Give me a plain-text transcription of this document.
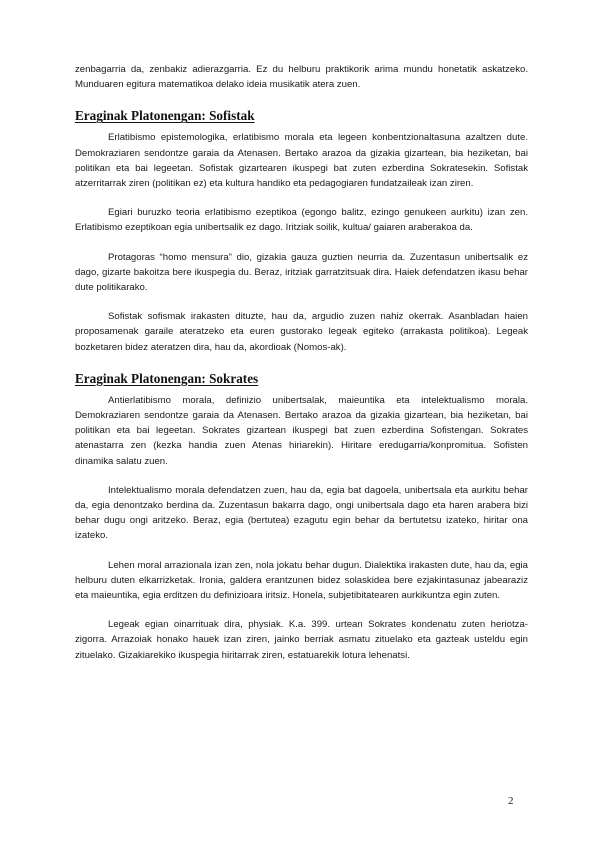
zenbagarria da, zenbakiz adierazgarria. Ez du helburu praktikorik arima mundu honetatik askatzeko. Munduaren egitura matematikoa delako ideia musikatik atera zuen.

Eraginak Platonengan: Sofistak

Erlatibismo epistemologika, erlatibismo morala eta legeen konbentzionaltasuna azaltzen dute. Demokraziaren sendontze garaia da Atenasen. Bertako arazoa da gizakia gizartean, bia heziketan, bai politikan eta bai legeetan. Sofistak gizartearen ikuspegi bat zuten ezberdina Sokratesekin. Sofistak atzerritarrak ziren (politikan ez) eta kultura handiko eta pedagogiaren fundatzaileak izan ziren.

Egiari buruzko teoria erlatibismo ezeptikoa (egongo balitz, ezingo genukeen aurkitu) izan zen. Erlatibismo ezeptikoan egia unibertsalik ez dago. Iritziak soilik, kultua/ gaiaren araberakoa da.

Protagoras “homo mensura” dio, gizakia gauza guztien neurria da. Zuzentasun unibertsalik ez dago, gizarte bakoitza bere ikuspegia du. Beraz, iritziak garratzitsuak dira. Haiek defendatzen ikasu behar dute politikarako.

Sofistak sofismak irakasten dituzte, hau da, argudio zuzen nahiz okerrak. Asanbladan haien proposamenak garaile ateratzeko eta euren gustorako legeak egiteko (arrakasta politikoa). Legeak bozketaren bidez ateratzen dira, hau da, akordioak (Nomos-ak).

Eraginak Platonengan: Sokrates

Antierlatibismo morala, definizio unibertsalak, maieuntika eta intelektualismo morala. Demokraziaren sendontze garaia da Atenasen. Bertako arazoa da gizakia gizartean, bia heziketan, bai politikan eta bai legeetan. Sokrates gizartean ikuspegi bat zuen ezberdina Sofistengan. Sokrates atenastarra zen (kezka handia zuen Atenas hiriarekin). Hiritare eredugarria/konpromitua. Sofisten dinamika salatu zuen.

Intelektualismo morala defendatzen zuen, hau da, egia bat dagoela, unibertsala eta aurkitu behar da, egia denontzako berdina da. Zuzentasun bakarra dago, ongi unibertsala dago eta haren arabera bizi behar dugu ongi aritzeko. Beraz, egia (bertutea) ezagutu egin behar da bertutetsu izateko, hiritar ona izateko.

Lehen moral arrazionala izan zen, nola jokatu behar dugun. Dialektika irakasten dute, hau da, egia helburu duten elkarrizketak. Ironia, galdera erantzunen bidez solaskidea bere ezjakintasunaz jabearaziz eta maieuntika, egia erditzen du definizioara iritsiz. Honela, subjetibitatearen aurkikuntza egin zuten.

Legeak egian oinarrituak dira, physiak. K.a. 399. urtean Sokrates kondenatu zuten heriotza-zigorra. Arrazoiak honako hauek izan ziren, jainko berriak asmatu zituelako eta gazteak usteldu egin zituelako. Gizakiarekiko ikuspegia hiritarrak ziren, estatuarekik lotura lehenatsi.

2
